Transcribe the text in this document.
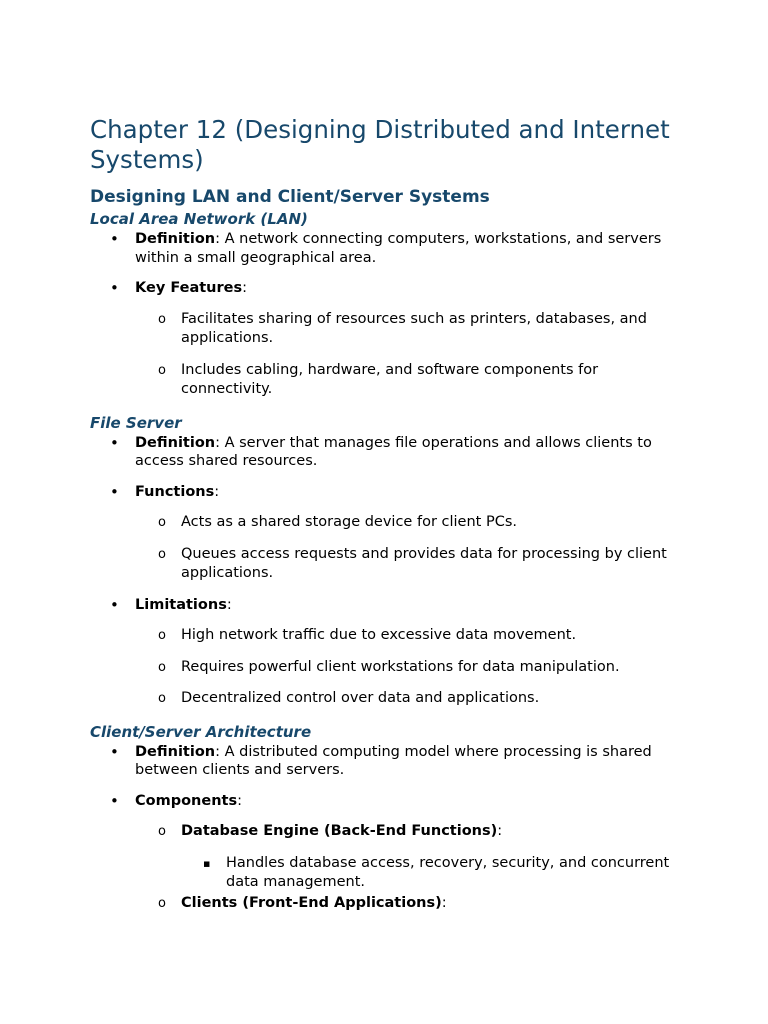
Chapter 12 (Designing Distributed and Internet Systems)
Designing LAN and Client/Server Systems
Local Area Network (LAN)
• Definition: A network connecting computers, workstations, and servers within a small geographical area.
• Key Features:
o Facilitates sharing of resources such as printers, databases, and applications.
o Includes cabling, hardware, and software components for connectivity.
File Server
• Definition: A server that manages file operations and allows clients to access shared resources.
• Functions:
o Acts as a shared storage device for client PCs.
o Queues access requests and provides data for processing by client applications.
• Limitations:
o High network traffic due to excessive data movement.
o Requires powerful client workstations for data manipulation.
o Decentralized control over data and applications.
Client/Server Architecture
• Definition: A distributed computing model where processing is shared between clients and servers.
• Components:
o Database Engine (Back-End Functions):
▪ Handles database access, recovery, security, and concurrent data management.
o Clients (Front-End Applications):
